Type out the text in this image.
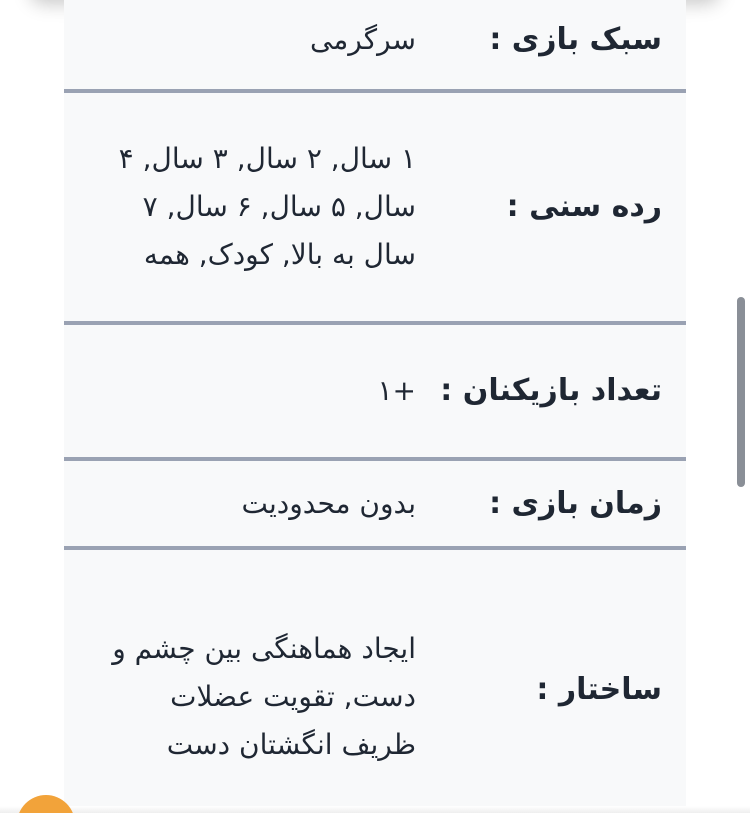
سبک بازی :
سرگرمی
رده سنی :
۱ سال, ۲ سال, ۳ سال, ۴ سال, ۵ سال, ۶ سال, ۷ سال به بالا, کودک, همه
تعداد بازیکنان :
+۱
زمان بازی :
بدون محدودیت
ساختار :
ایجاد هماهنگی بین چشم و دست, تقویت عضلات ظریف انگشتان دست
